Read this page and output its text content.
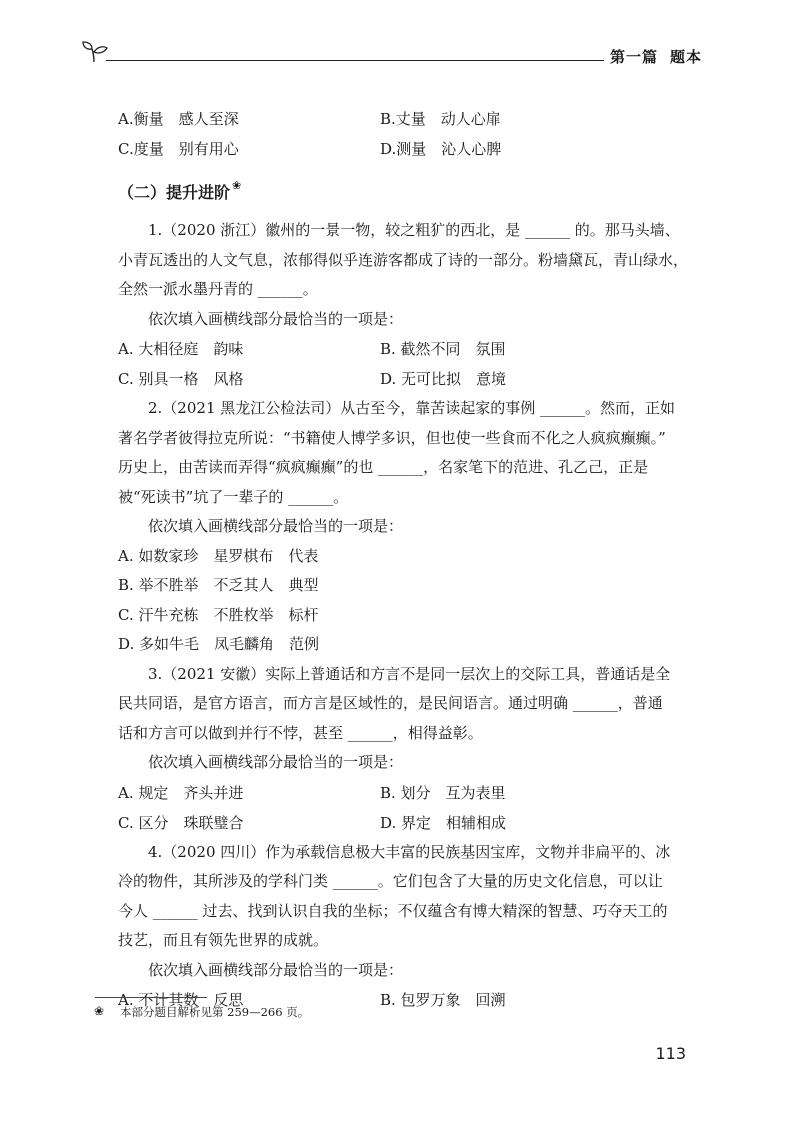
第一篇 题本
A.衡量　感人至深	B.丈量　动人心扉
C.度量　别有用心	D.测量　沁人心脾
（二）提升进阶 ❀
1.（2020 浙江）徽州的一景一物，较之粗犷的西北，是 ______ 的。那马头墙、
小青瓦透出的人文气息，浓郁得似乎连游客都成了诗的一部分。粉墙黛瓦，青山绿水，
全然一派水墨丹青的 ______。
依次填入画横线部分最恰当的一项是：
A. 大相径庭　韵味	B. 截然不同　氛围
C. 别具一格　风格	D. 无可比拟　意境
2.（2021 黑龙江公检法司）从古至今，靠苦读起家的事例 ______。然而，正如
著名学者彼得拉克所说：“书籍使人博学多识，但也使一些食而不化之人疯疯癫癫。”
历史上，由苦读而弄得“疯疯癫癫”的也 ______，名家笔下的范进、孔乙己，正是
被“死读书”坑了一辈子的 ______。
依次填入画横线部分最恰当的一项是：
A. 如数家珍　星罗棋布　代表
B. 举不胜举　不乏其人　典型
C. 汗牛充栋　不胜枚举　标杆
D. 多如牛毛　凤毛麟角　范例
3.（2021 安徽）实际上普通话和方言不是同一层次上的交际工具，普通话是全
民共同语，是官方语言，而方言是区域性的，是民间语言。通过明确 ______，普通
话和方言可以做到并行不悖，甚至 ______，相得益彰。
依次填入画横线部分最恰当的一项是：
A. 规定　齐头并进	B. 划分　互为表里
C. 区分　珠联璧合	D. 界定　相辅相成
4.（2020 四川）作为承载信息极大丰富的民族基因宝库，文物并非扁平的、冰
冷的物件，其所涉及的学科门类 ______。它们包含了大量的历史文化信息，可以让
今人 ______ 过去、找到认识自我的坐标；不仅蕴含有博大精深的智慧、巧夺天工的
技艺，而且有领先世界的成就。
依次填入画横线部分最恰当的一项是：
A. 不计其数　反思	B. 包罗万象　回溯
❀ 本部分题目解析见第 259—266 页。
113
